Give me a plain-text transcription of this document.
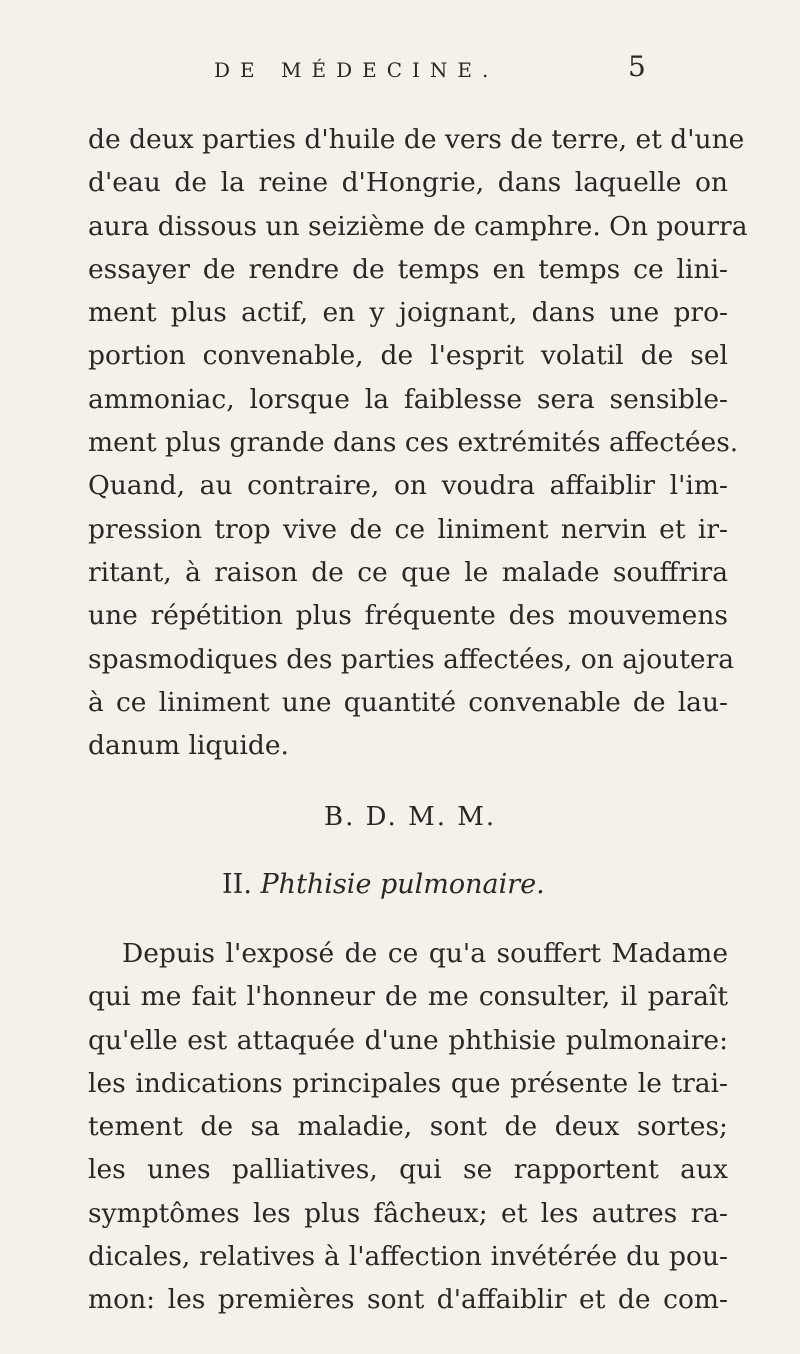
DE MÉDECINE.	5
de deux parties d'huile de vers de terre, et d'une
d'eau de la reine d'Hongrie, dans laquelle on
aura dissous un seizième de camphre. On pourra
essayer de rendre de temps en temps ce lini-
ment plus actif, en y joignant, dans une pro-
portion convenable, de l'esprit volatil de sel
ammoniac, lorsque la faiblesse sera sensible-
ment plus grande dans ces extrémités affectées.
Quand, au contraire, on voudra affaiblir l'im-
pression trop vive de ce liniment nervin et ir-
ritant, à raison de ce que le malade souffrira
une répétition plus fréquente des mouvemens
spasmodiques des parties affectées, on ajoutera
à ce liniment une quantité convenable de lau-
danum liquide.
B. D. M. M.
II. Phthisie pulmonaire.
Depuis l'exposé de ce qu'a souffert Madame
qui me fait l'honneur de me consulter, il paraît
qu'elle est attaquée d'une phthisie pulmonaire:
les indications principales que présente le trai-
tement de sa maladie, sont de deux sortes;
les unes palliatives, qui se rapportent aux
symptômes les plus fâcheux; et les autres ra-
dicales, relatives à l'affection invétérée du pou-
mon: les premières sont d'affaiblir et de com-
